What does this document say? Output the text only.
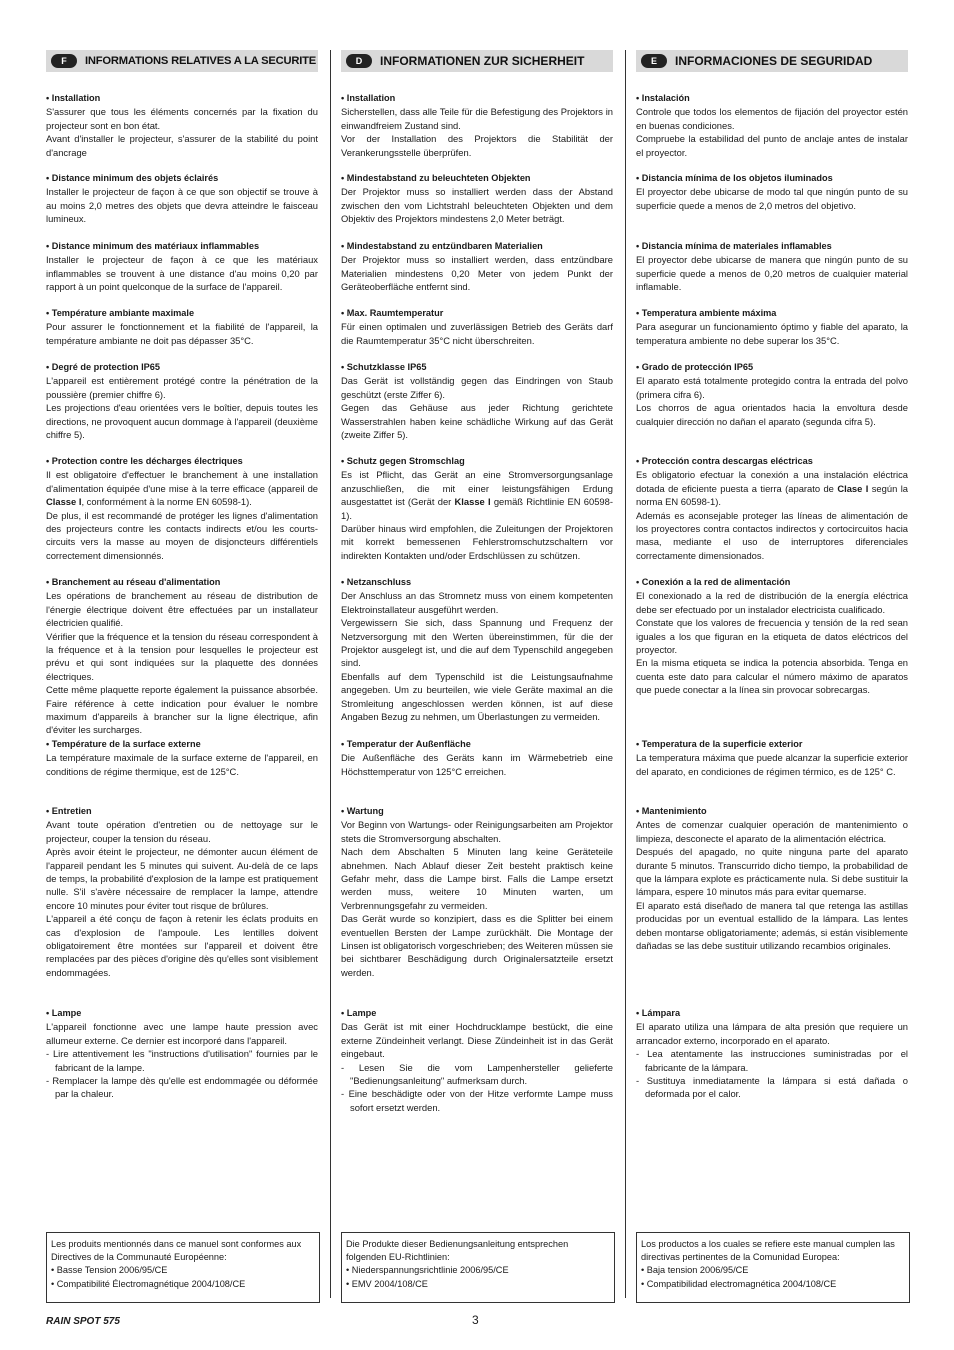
F	INFORMATIONS RELATIVES A LA SECURITE
• Installation

S'assurer que tous les éléments concernés par la fixation du projecteur sont en bon état.

Avant d'installer le projecteur, s'assurer de la stabilité du point d'ancrage

• Distance minimum des objets éclairés

Installer le projecteur de façon à ce que son objectif se trouve à au moins 2,0 metres des objets que devra atteindre le faisceau lumineux.

• Distance minimum des matériaux inflammables

Installer le projecteur de façon à ce que les matériaux inflammables se trouvent à une distance d'au moins 0,20 par rapport à un point quelconque de la surface de l'appareil.

• Température ambiante maximale

Pour assurer le fonctionnement et la fiabilité de l'appareil, la température ambiante ne doit pas dépasser 35°C.

• Degré de protection IP65

L'appareil est entièrement protégé contre la pénétration de la poussière (premier chiffre 6).

Les projections d'eau orientées vers le boîtier, depuis toutes les directions, ne provoquent aucun dommage à l'appareil (deuxième chiffre 5).

• Protection contre les décharges électriques

Il est obligatoire d'effectuer le branchement à une installation d'alimentation équipée d'une mise à la terre efficace (appareil de Classe I, conformément à la norme EN 60598-1).

De plus, il est recommandé de protéger les lignes d'alimentation des projecteurs contre les contacts indirects et/ou les courts-circuits vers la masse au moyen de disjoncteurs différentiels correctement dimensionnés.

• Branchement au réseau d'alimentation

Les opérations de branchement au réseau de distribution de l'énergie électrique doivent être effectuées par un installateur électricien qualifié.

Vérifier que la fréquence et la tension du réseau correspondent à la fréquence et à la tension pour lesquelles le projecteur est prévu et qui sont indiquées sur la plaquette des données électriques.

Cette même plaquette reporte également la puissance absorbée. Faire référence à cette indication pour évaluer le nombre maximum d'appareils à brancher sur la ligne électrique, afin d'éviter les surcharges.

• Température de la surface externe

La température maximale de la surface externe de l'appareil, en conditions de régime thermique, est de 125°C.

• Entretien

Avant toute opération d'entretien ou de nettoyage sur le projecteur, couper la tension du réseau.

Après avoir éteint le projecteur, ne démonter aucun élément de l'appareil pendant les 5 minutes qui suivent. Au-delà de ce laps de temps, la probabilité d'explosion de la lampe est pratiquement nulle. S'il s'avère nécessaire de remplacer la lampe, attendre encore 10 minutes pour éviter tout risque de brûlures.

L'appareil a été conçu de façon à retenir les éclats produits en cas d'explosion de l'ampoule. Les lentilles doivent obligatoirement être montées sur l'appareil et doivent être remplacées par des pièces d'origine dès qu'elles sont visiblement endommagées.

• Lampe

L'appareil fonctionne avec une lampe haute pression avec allumeur externe. Ce dernier est incorporé dans l'appareil.

- Lire attentivement les "instructions d'utilisation" fournies par le fabricant de la lampe.

- Remplacer la lampe dès qu'elle est endommagée ou déformée par la chaleur.

Les produits mentionnés dans ce manuel sont conformes aux Directives de la Communauté Européenne:

• Basse Tension 2006/95/CE

• Compatibilité Électromagnétique 2004/108/CE

D	INFORMATIONEN ZUR SICHERHEIT
• Installation

Sicherstellen, dass alle Teile für die Befestigung des Projektors in einwandfreiem Zustand sind.

Vor der Installation des Projektors die Stabilität der Verankerungsstelle überprüfen.

• Mindestabstand zu beleuchteten Objekten

Der Projektor muss so installiert werden dass der Abstand zwischen den vom Lichtstrahl beleuchteten Objekten und dem Objektiv des Projektors mindestens 2,0 Meter beträgt.

• Mindestabstand zu entzündbaren Materialien

Der Projektor muss so installiert werden, dass entzündbare Materialien mindestens 0,20 Meter von jedem Punkt der Geräteoberfläche entfernt sind.

• Max. Raumtemperatur

Für einen optimalen und zuverlässigen Betrieb des Geräts darf die Raumtemperatur 35°C nicht überschreiten.

• Schutzklasse IP65

Das Gerät ist vollständig gegen das Eindringen von Staub geschützt (erste Ziffer 6).

Gegen das Gehäuse aus jeder Richtung gerichtete Wasserstrahlen haben keine schädliche Wirkung auf das Gerät (zweite Ziffer 5).

• Schutz gegen Stromschlag

Es ist Pflicht, das Gerät an eine Stromversorgungsanlage anzuschließen, die mit einer leistungsfähigen Erdung ausgestattet ist (Gerät der Klasse I gemäß Richtlinie EN 60598-1).

Darüber hinaus wird empfohlen, die Zuleitungen der Projektoren mit korrekt bemessenen Fehlerstromschutzschaltern vor indirekten Kontakten und/oder Erdschlüssen zu schützen.

• Netzanschluss

Der Anschluss an das Stromnetz muss von einem kompetenten Elektroinstallateur ausgeführt werden.

Vergewissern Sie sich, dass Spannung und Frequenz der Netzversorgung mit den Werten übereinstimmen, für die der Projektor ausgelegt ist, und die auf dem Typenschild angegeben sind.

Ebenfalls auf dem Typenschild ist die Leistungsaufnahme angegeben. Um zu beurteilen, wie viele Geräte maximal an die Stromleitung angeschlossen werden können, ist auf diese Angaben Bezug zu nehmen, um Überlastungen zu vermeiden.

• Temperatur der Außenfläche

Die Außenfläche des Geräts kann im Wärmebetrieb eine Höchsttemperatur von 125°C erreichen.

• Wartung

Vor Beginn von Wartungs- oder Reinigungsarbeiten am Projektor stets die Stromversorgung abschalten.

Nach dem Abschalten 5 Minuten lang keine Geräteteile abnehmen. Nach Ablauf dieser Zeit besteht praktisch keine Gefahr mehr, dass die Lampe birst. Falls die Lampe ersetzt werden muss, weitere 10 Minuten warten, um Verbrennungsgefahr zu vermeiden.

Das Gerät wurde so konzipiert, dass es die Splitter bei einem eventuellen Bersten der Lampe zurückhält. Die Montage der Linsen ist obligatorisch vorgeschrieben; des Weiteren müssen sie bei sichtbarer Beschädigung durch Originalersatzteile ersetzt werden.

• Lampe

Das Gerät ist mit einer Hochdrucklampe bestückt, die eine externe Zündeinheit verlangt. Diese Zündeinheit ist in das Gerät eingebaut.

- Lesen Sie die vom Lampenhersteller gelieferte "Bedienungsanleitung" aufmerksam durch.

- Eine beschädigte oder von der Hitze verformte Lampe muss sofort ersetzt werden.

Die Produkte dieser Bedienungsanleitung entsprechen folgenden EU-Richtlinien:

• Niederspannungsrichtlinie 2006/95/CE

• EMV 2004/108/CE

E	INFORMACIONES DE SEGURIDAD
• Instalación

Controle que todos los elementos de fijación del proyector estén en buenas condiciones.

Compruebe la estabilidad del punto de anclaje antes de instalar el proyector.

• Distancia mínima de los objetos iluminados

El proyector debe ubicarse de modo tal que ningún punto de su superficie quede a menos de 2,0 metros del objetivo.

• Distancia mínima de materiales inflamables

El proyector debe ubicarse de manera que ningún punto de su superficie quede a menos de 0,20 metros de cualquier material inflamable.

• Temperatura ambiente máxima

Para asegurar un funcionamiento óptimo y fiable del aparato, la temperatura ambiente no debe superar los 35°C.

• Grado de protección IP65

El aparato está totalmente protegido contra la entrada del polvo (primera cifra 6).

Los chorros de agua orientados hacia la envoltura desde cualquier dirección no dañan el aparato (segunda cifra 5).

• Protección contra descargas eléctricas

Es obligatorio efectuar la conexión a una instalación eléctrica dotada de eficiente puesta a tierra (aparato de Clase I según la norma EN 60598-1).

Además es aconsejable proteger las líneas de alimentación de los proyectores contra contactos indirectos y cortocircuitos hacia masa, mediante el uso de interruptores diferenciales correctamente dimensionados.

• Conexión a la red de alimentación

El conexionado a la red de distribución de la energía eléctrica debe ser efectuado por un instalador electricista cualificado.

Constate que los valores de frecuencia y tensión de la red sean iguales a los que figuran en la etiqueta de datos eléctricos del proyector.

En la misma etiqueta se indica la potencia absorbida. Tenga en cuenta este dato para calcular el número máximo de aparatos que puede conectar a la línea sin provocar sobrecargas.

• Temperatura de la superficie exterior

La temperatura máxima que puede alcanzar la superficie exterior del aparato, en condiciones de régimen térmico, es de 125° C.

• Mantenimiento

Antes de comenzar cualquier operación de mantenimiento o limpieza, desconecte el aparato de la alimentación eléctrica.

Después del apagado, no quite ninguna parte del aparato durante 5 minutos. Transcurrido dicho tiempo, la probabilidad de que la lámpara explote es prácticamente nula. Si debe sustituir la lámpara, espere 10 minutos más para evitar quemarse.

El aparato está diseñado de manera tal que retenga las astillas producidas por un eventual estallido de la lámpara. Las lentes deben montarse obligatoriamente; además, si están visiblemente dañadas se las debe sustituir utilizando recambios originales.

• Lámpara

El aparato utiliza una lámpara de alta presión que requiere un arrancador externo, incorporado en el aparato.

- Lea atentamente las instrucciones suministradas por el fabricante de la lámpara.

- Sustituya inmediatamente la lámpara si está dañada o deformada por el calor.

Los productos a los cuales se refiere este manual cumplen las directivas pertinentes de la Comunidad Europea:

• Baja tension 2006/95/CE

• Compatibilidad electromagnética 2004/108/CE

RAIN SPOT 575	3
